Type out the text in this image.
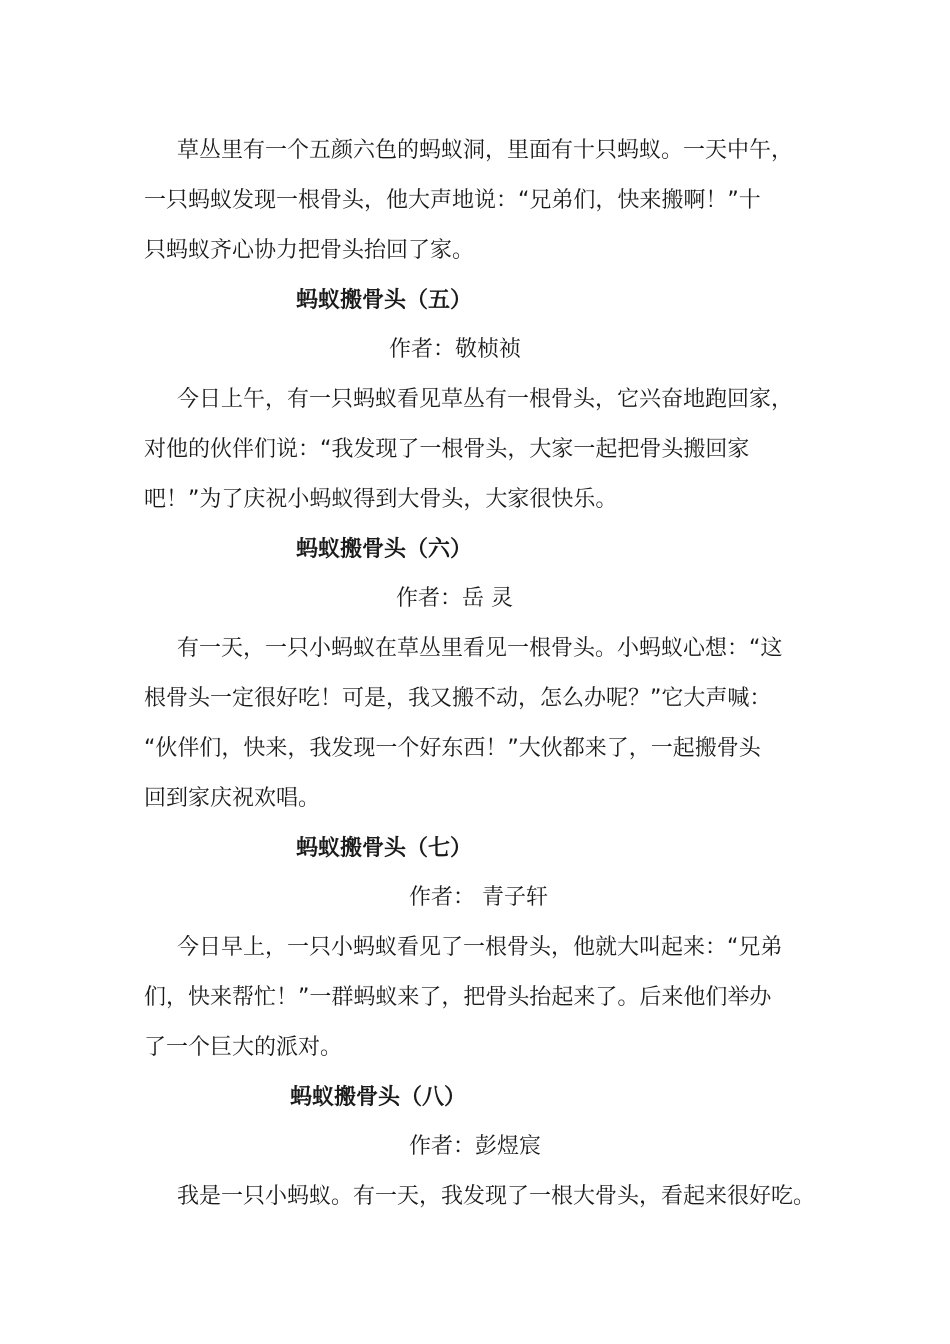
草丛里有一个五颜六色的蚂蚁洞，里面有十只蚂蚁。一天中午，
一只蚂蚁发现一根骨头，他大声地说：“兄弟们，快来搬啊！”十
只蚂蚁齐心协力把骨头抬回了家。
蚂蚁搬骨头（五）
作者：敬桢祯
今日上午，有一只蚂蚁看见草丛有一根骨头，它兴奋地跑回家，
对他的伙伴们说：“我发现了一根骨头，大家一起把骨头搬回家
吧！”为了庆祝小蚂蚁得到大骨头，大家很快乐。
蚂蚁搬骨头（六）
作者：岳 灵
有一天，一只小蚂蚁在草丛里看见一根骨头。小蚂蚁心想：“这
根骨头一定很好吃！可是，我又搬不动，怎么办呢？”它大声喊：
“伙伴们，快来，我发现一个好东西！”大伙都来了，一起搬骨头
回到家庆祝欢唱。
蚂蚁搬骨头（七）
作者： 青子轩
今日早上，一只小蚂蚁看见了一根骨头，他就大叫起来：“兄弟
们，快来帮忙！”一群蚂蚁来了，把骨头抬起来了。后来他们举办
了一个巨大的派对。
蚂蚁搬骨头（八）
作者：彭煜宸
我是一只小蚂蚁。有一天，我发现了一根大骨头，看起来很好吃。
